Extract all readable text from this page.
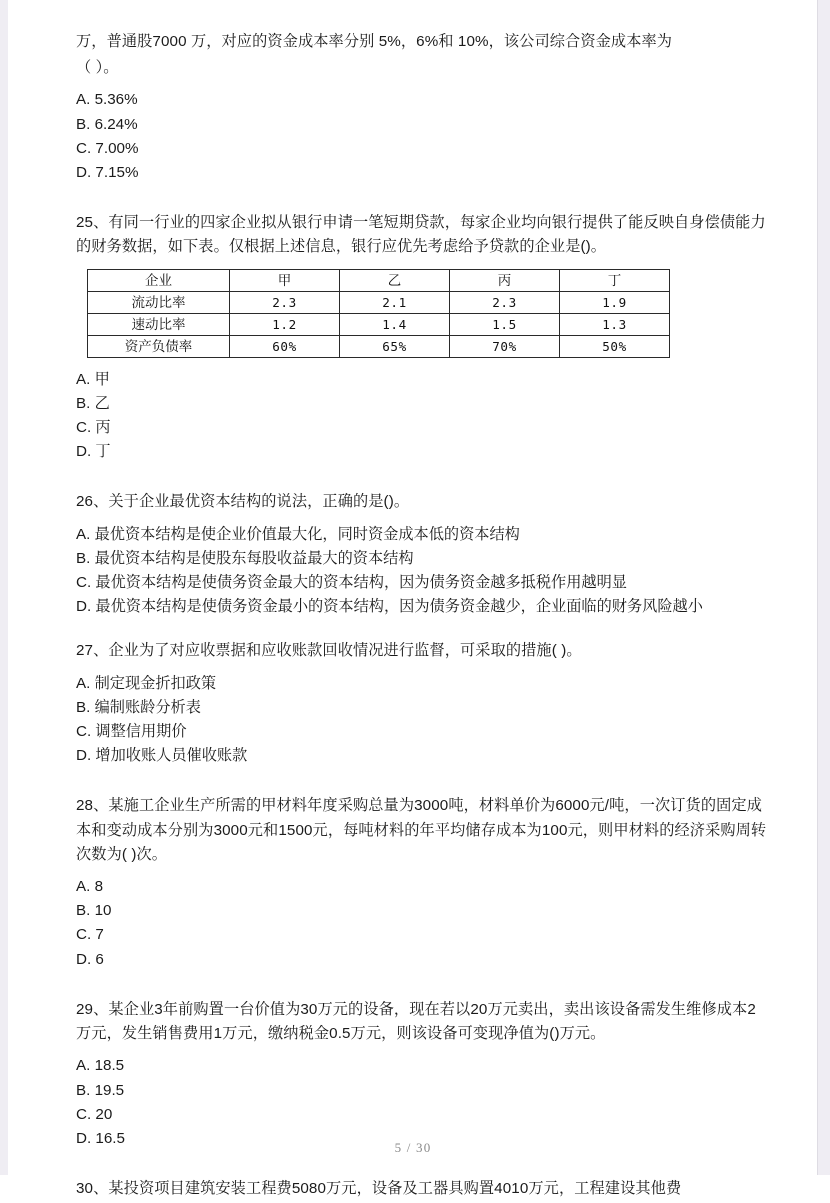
万，普通股7000 万，对应的资金成本率分别 5%，6%和 10%，该公司综合资金成本率为

（ ）。

A. 5.36%

B. 6.24%

C. 7.00%

D. 7.15%

25、有同一行业的四家企业拟从银行申请一笔短期贷款，每家企业均向银行提供了能反映自身偿债能力的财务数据，如下表。仅根据上述信息，银行应优先考虑给予贷款的企业是()。

企业	甲	乙	丙	丁
流动比率	2.3	2.1	2.3	1.9
速动比率	1.2	1.4	1.5	1.3
资产负债率	60%	65%	70%	50%

A. 甲

B. 乙

C. 丙

D. 丁

26、关于企业最优资本结构的说法，正确的是()。

A. 最优资本结构是使企业价值最大化，同时资金成本低的资本结构

B. 最优资本结构是使股东每股收益最大的资本结构

C. 最优资本结构是使债务资金最大的资本结构，因为债务资金越多抵税作用越明显

D. 最优资本结构是使债务资金最小的资本结构，因为债务资金越少，企业面临的财务风险越小

27、企业为了对应收票据和应收账款回收情况进行监督，可采取的措施( )。

A. 制定现金折扣政策

B. 编制账龄分析表

C. 调整信用期价

D. 增加收账人员催收账款

28、某施工企业生产所需的甲材料年度采购总量为3000吨，材料单价为6000元/吨，一次订货的固定成本和变动成本分别为3000元和1500元，每吨材料的年平均储存成本为100元，则甲材料的经济采购周转次数为( )次。

A. 8

B. 10

C. 7

D. 6

29、某企业3年前购置一台价值为30万元的设备，现在若以20万元卖出，卖出该设备需发生维修成本2万元，发生销售费用1万元，缴纳税金0.5万元，则该设备可变现净值为()万元。

A. 18.5

B. 19.5

C. 20

D. 16.5

30、某投资项目建筑安装工程费5080万元，设备及工器具购置4010万元，工程建设其他费

5 / 30
